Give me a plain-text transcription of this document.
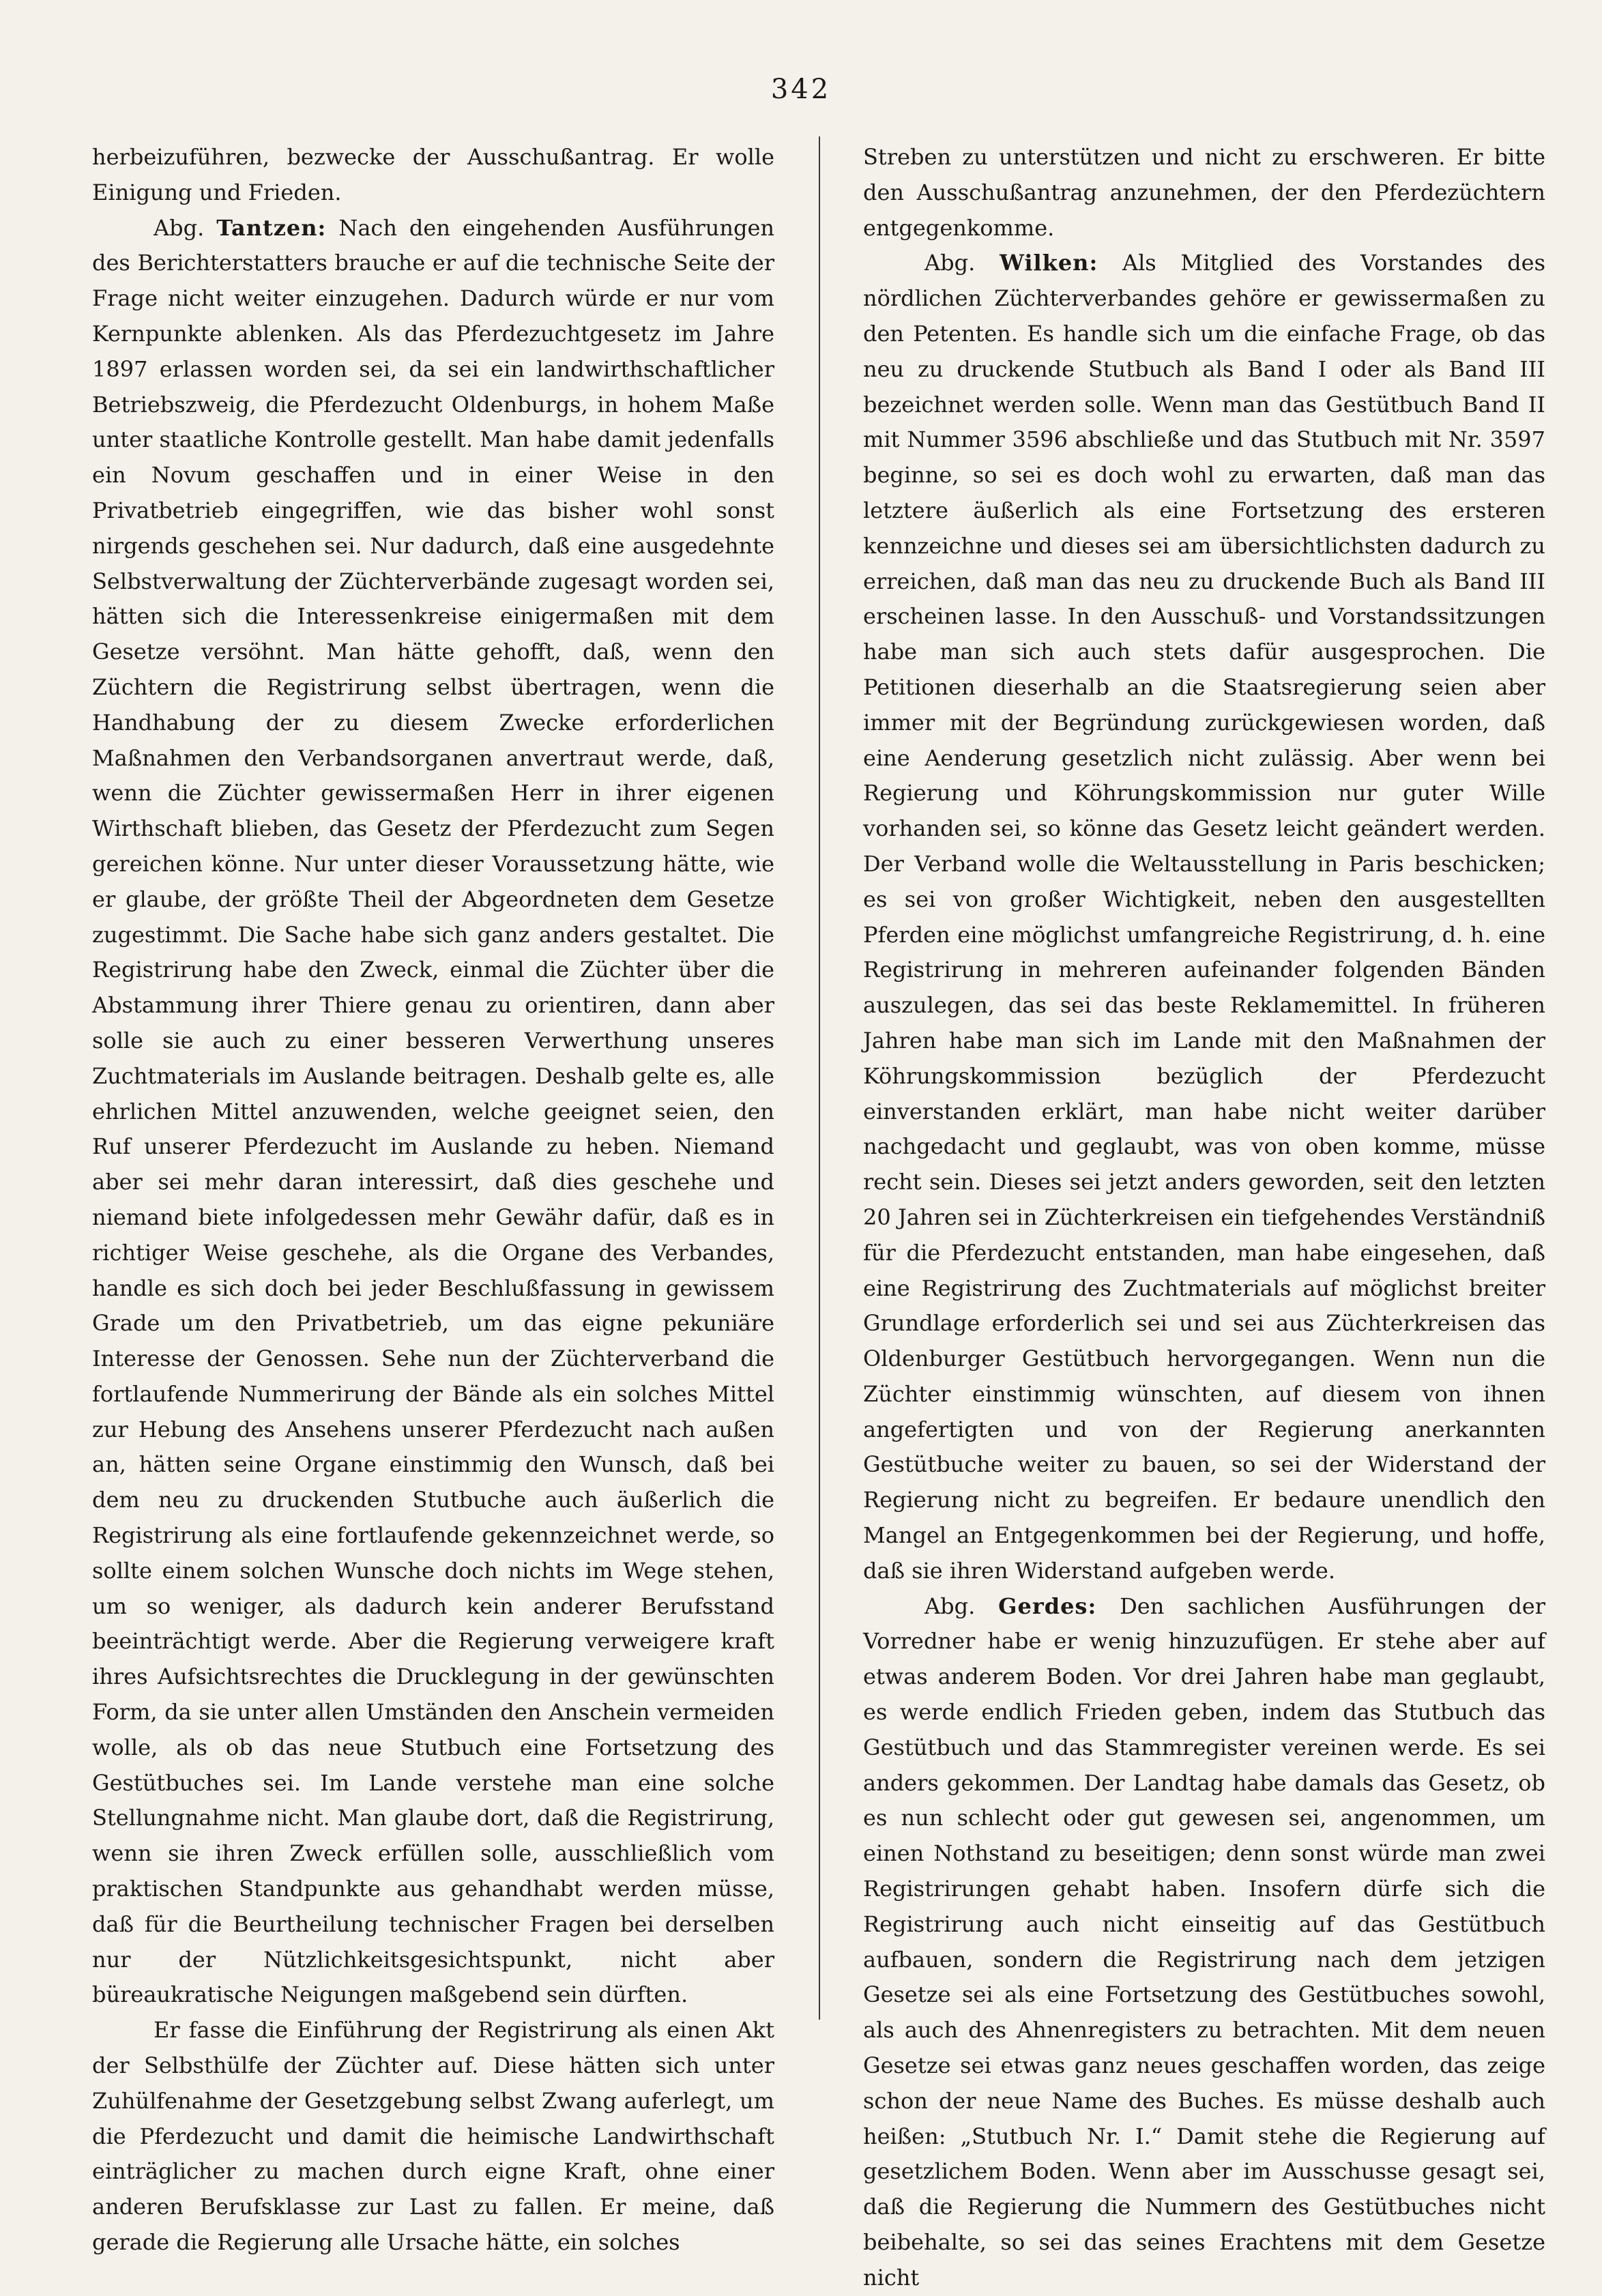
342

herbeizuführen, bezwecke der Ausschußantrag. Er wolle Einigung und Frieden.

Abg. Tantzen: Nach den eingehenden Ausführungen des Berichterstatters brauche er auf die technische Seite der Frage nicht weiter einzugehen. Dadurch würde er nur vom Kernpunkte ablenken. Als das Pferdezuchtgesetz im Jahre 1897 erlassen worden sei, da sei ein landwirthschaftlicher Betriebszweig, die Pferdezucht Oldenburgs, in hohem Maße unter staatliche Kontrolle gestellt. Man habe damit jedenfalls ein Novum geschaffen und in einer Weise in den Privatbetrieb eingegriffen, wie das bisher wohl sonst nirgends geschehen sei. Nur dadurch, daß eine ausgedehnte Selbstverwaltung der Züchterverbände zugesagt worden sei, hätten sich die Interessenkreise einigermaßen mit dem Gesetze versöhnt. Man hätte gehofft, daß, wenn den Züchtern die Registrirung selbst übertragen, wenn die Handhabung der zu diesem Zwecke erforderlichen Maßnahmen den Verbandsorganen anvertraut werde, daß, wenn die Züchter gewissermaßen Herr in ihrer eigenen Wirthschaft blieben, das Gesetz der Pferdezucht zum Segen gereichen könne. Nur unter dieser Voraussetzung hätte, wie er glaube, der größte Theil der Abgeordneten dem Gesetze zugestimmt. Die Sache habe sich ganz anders gestaltet. Die Registrirung habe den Zweck, einmal die Züchter über die Abstammung ihrer Thiere genau zu orientiren, dann aber solle sie auch zu einer besseren Verwerthung unseres Zuchtmaterials im Auslande beitragen. Deshalb gelte es, alle ehrlichen Mittel anzuwenden, welche geeignet seien, den Ruf unserer Pferdezucht im Auslande zu heben. Niemand aber sei mehr daran interessirt, daß dies geschehe und niemand biete infolgedessen mehr Gewähr dafür, daß es in richtiger Weise geschehe, als die Organe des Verbandes, handle es sich doch bei jeder Beschlußfassung in gewissem Grade um den Privatbetrieb, um das eigne pekuniäre Interesse der Genossen. Sehe nun der Züchterverband die fortlaufende Nummerirung der Bände als ein solches Mittel zur Hebung des Ansehens unserer Pferdezucht nach außen an, hätten seine Organe einstimmig den Wunsch, daß bei dem neu zu druckenden Stutbuche auch äußerlich die Registrirung als eine fortlaufende gekennzeichnet werde, so sollte einem solchen Wunsche doch nichts im Wege stehen, um so weniger, als dadurch kein anderer Berufsstand beeinträchtigt werde. Aber die Regierung verweigere kraft ihres Aufsichtsrechtes die Drucklegung in der gewünschten Form, da sie unter allen Umständen den Anschein vermeiden wolle, als ob das neue Stutbuch eine Fortsetzung des Gestütbuches sei. Im Lande verstehe man eine solche Stellungnahme nicht. Man glaube dort, daß die Registrirung, wenn sie ihren Zweck erfüllen solle, ausschließlich vom praktischen Standpunkte aus gehandhabt werden müsse, daß für die Beurtheilung technischer Fragen bei derselben nur der Nützlichkeitsgesichtspunkt, nicht aber büreaukratische Neigungen maßgebend sein dürften.

Er fasse die Einführung der Registrirung als einen Akt der Selbsthülfe der Züchter auf. Diese hätten sich unter Zuhülfenahme der Gesetzgebung selbst Zwang auferlegt, um die Pferdezucht und damit die heimische Landwirthschaft einträglicher zu machen durch eigne Kraft, ohne einer anderen Berufsklasse zur Last zu fallen. Er meine, daß gerade die Regierung alle Ursache hätte, ein solches

Streben zu unterstützen und nicht zu erschweren. Er bitte den Ausschußantrag anzunehmen, der den Pferdezüchtern entgegenkomme.

Abg. Wilken: Als Mitglied des Vorstandes des nördlichen Züchterverbandes gehöre er gewissermaßen zu den Petenten. Es handle sich um die einfache Frage, ob das neu zu druckende Stutbuch als Band I oder als Band III bezeichnet werden solle. Wenn man das Gestütbuch Band II mit Nummer 3596 abschließe und das Stutbuch mit Nr. 3597 beginne, so sei es doch wohl zu erwarten, daß man das letztere äußerlich als eine Fortsetzung des ersteren kennzeichne und dieses sei am übersichtlichsten dadurch zu erreichen, daß man das neu zu druckende Buch als Band III erscheinen lasse. In den Ausschuß- und Vorstandssitzungen habe man sich auch stets dafür ausgesprochen. Die Petitionen dieserhalb an die Staatsregierung seien aber immer mit der Begründung zurückgewiesen worden, daß eine Aenderung gesetzlich nicht zulässig. Aber wenn bei Regierung und Köhrungskommission nur guter Wille vorhanden sei, so könne das Gesetz leicht geändert werden. Der Verband wolle die Weltausstellung in Paris beschicken; es sei von großer Wichtigkeit, neben den ausgestellten Pferden eine möglichst umfangreiche Registrirung, d. h. eine Registrirung in mehreren aufeinander folgenden Bänden auszulegen, das sei das beste Reklamemittel. In früheren Jahren habe man sich im Lande mit den Maßnahmen der Köhrungskommission bezüglich der Pferdezucht einverstanden erklärt, man habe nicht weiter darüber nachgedacht und geglaubt, was von oben komme, müsse recht sein. Dieses sei jetzt anders geworden, seit den letzten 20 Jahren sei in Züchterkreisen ein tiefgehendes Verständniß für die Pferdezucht entstanden, man habe eingesehen, daß eine Registrirung des Zuchtmaterials auf möglichst breiter Grundlage erforderlich sei und sei aus Züchterkreisen das Oldenburger Gestütbuch hervorgegangen. Wenn nun die Züchter einstimmig wünschten, auf diesem von ihnen angefertigten und von der Regierung anerkannten Gestütbuche weiter zu bauen, so sei der Widerstand der Regierung nicht zu begreifen. Er bedaure unendlich den Mangel an Entgegenkommen bei der Regierung, und hoffe, daß sie ihren Widerstand aufgeben werde.

Abg. Gerdes: Den sachlichen Ausführungen der Vorredner habe er wenig hinzuzufügen. Er stehe aber auf etwas anderem Boden. Vor drei Jahren habe man geglaubt, es werde endlich Frieden geben, indem das Stutbuch das Gestütbuch und das Stammregister vereinen werde. Es sei anders gekommen. Der Landtag habe damals das Gesetz, ob es nun schlecht oder gut gewesen sei, angenommen, um einen Nothstand zu beseitigen; denn sonst würde man zwei Registrirungen gehabt haben. Insofern dürfe sich die Registrirung auch nicht einseitig auf das Gestütbuch aufbauen, sondern die Registrirung nach dem jetzigen Gesetze sei als eine Fortsetzung des Gestütbuches sowohl, als auch des Ahnenregisters zu betrachten. Mit dem neuen Gesetze sei etwas ganz neues geschaffen worden, das zeige schon der neue Name des Buches. Es müsse deshalb auch heißen: „Stutbuch Nr. I.“ Damit stehe die Regierung auf gesetzlichem Boden. Wenn aber im Ausschusse gesagt sei, daß die Regierung die Nummern des Gestütbuches nicht beibehalte, so sei das seines Erachtens mit dem Gesetze nicht
